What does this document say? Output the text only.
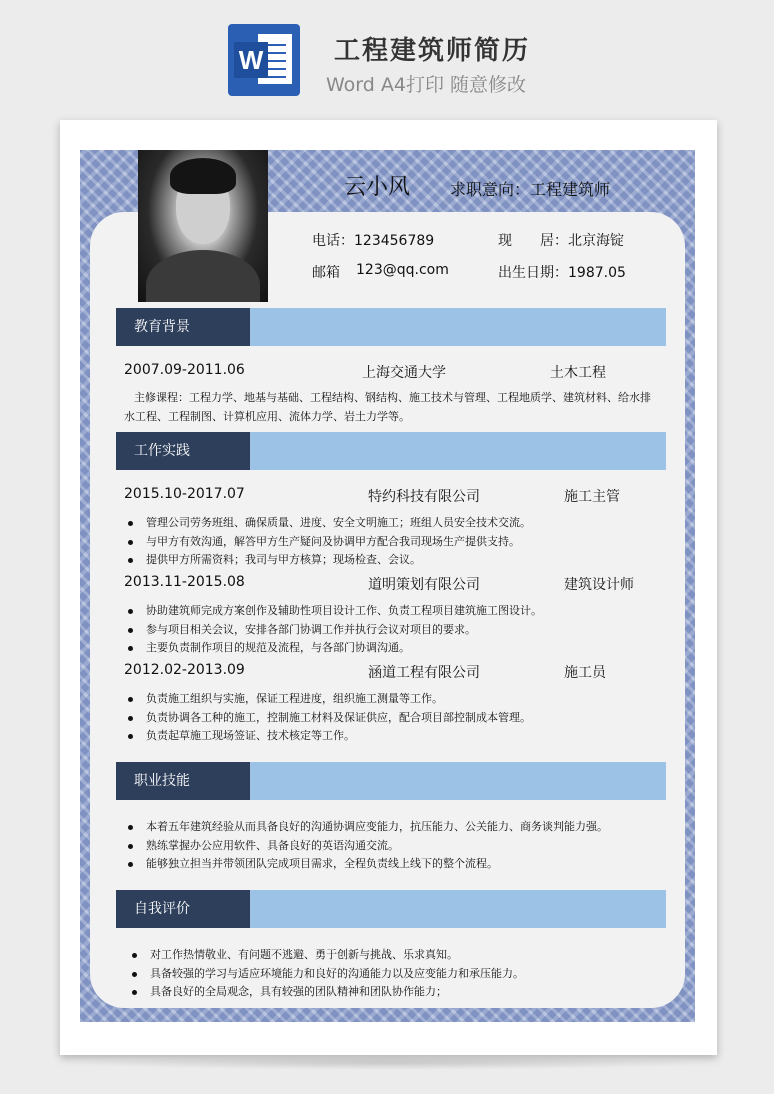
W	工程建筑师简历
Word A4打印 随意修改
云小风 求职意向：工程建筑师
电话：123456789	现　　居：北京海锭
邮箱 123@qq.com	出生日期：1987.05
教育背景
2007.09-2011.06	上海交通大学	土木工程
主修课程：工程力学、地基与基础、工程结构、钢结构、施工技术与管理、工程地质学、建筑材料、给水排水工程、工程制图、计算机应用、流体力学、岩土力学等。
工作实践
2015.10-2017.07	特约科技有限公司	施工主管
管理公司劳务班组、确保质量、进度、安全文明施工；班组人员安全技术交流。
与甲方有效沟通，解答甲方生产疑问及协调甲方配合我司现场生产提供支持。
提供甲方所需资料；我司与甲方核算；现场检查、会议。
2013.11-2015.08	道明策划有限公司	建筑设计师
协助建筑师完成方案创作及辅助性项目设计工作、负责工程项目建筑施工图设计。
参与项目相关会议，安排各部门协调工作并执行会议对项目的要求。
主要负责制作项目的规范及流程，与各部门协调沟通。
2012.02-2013.09	涵道工程有限公司	施工员
负责施工组织与实施，保证工程进度，组织施工测量等工作。
负责协调各工种的施工，控制施工材料及保证供应，配合项目部控制成本管理。
负责起草施工现场签证、技术核定等工作。
职业技能
本着五年建筑经验从而具备良好的沟通协调应变能力，抗压能力、公关能力、商务谈判能力强。
熟练掌握办公应用软件、具备良好的英语沟通交流。
能够独立担当并带领团队完成项目需求，全程负责线上线下的整个流程。
自我评价
对工作热情敬业、有问题不逃避、勇于创新与挑战、乐求真知。
具备较强的学习与适应环境能力和良好的沟通能力以及应变能力和承压能力。
具备良好的全局观念，具有较强的团队精神和团队协作能力；
